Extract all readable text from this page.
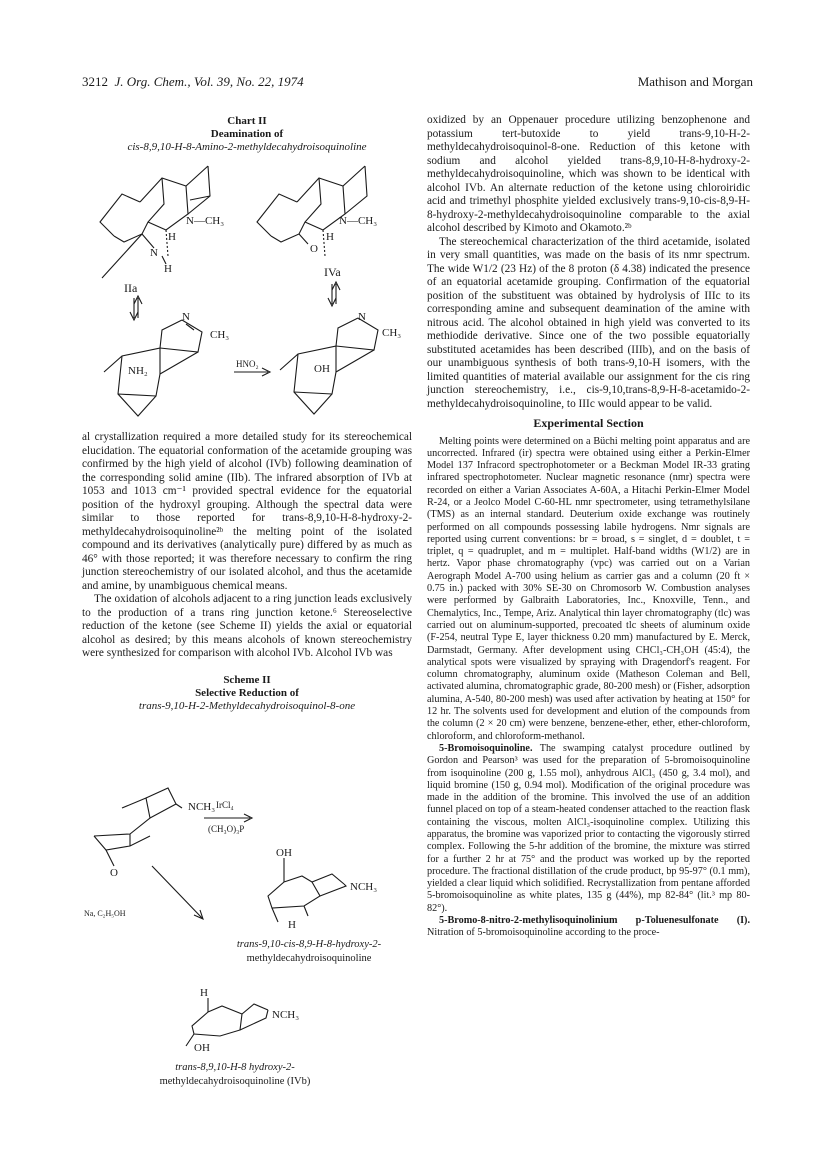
3212 J. Org. Chem., Vol. 39, No. 22, 1974	Mathison and Morgan
Chart II
Deamination of
cis-8,9,10-H-8-Amino-2-methyldecahydroisoquinoline
N—CH₃
H
N
H
IIa
N—CH₃
H
O
IVa
N
CH₃
NH₂
HNO₂
N
CH₃
OH

al crystallization required a more detailed study for its stereochemical elucidation. The equatorial conformation of the acetamide grouping was confirmed by the high yield of alcohol (IVb) following deamination of the corresponding solid amine (IIb). The infrared absorption of IVb at 1053 and 1013 cm⁻¹ provided spectral evidence for the equatorial position of the hydroxyl grouping. Although the spectral data were similar to those reported for trans-8,9,10-H-8-hydroxy-2-methyldecahydroisoquinoline²ᵇ the melting point of the isolated compound and its derivatives (analytically pure) differed by as much as 46° with those reported; it was therefore necessary to confirm the ring junction stereochemistry of our isolated alcohol, and thus the acetamide and amine, by unambiguous chemical means.

The oxidation of alcohols adjacent to a ring junction leads exclusively to the production of a trans ring junction ketone.⁶ Stereoselective reduction of the ketone (see Scheme II) yields the axial or equatorial alcohol as desired; by this means alcohols of known stereochemistry were synthesized for comparison with alcohol IVb. Alcohol IVb was

Scheme II
Selective Reduction of
trans-9,10-H-2-Methyldecahydroisoquinol-8-one
NCH₃
O
IrCl₄
(CH₃O)₃P
OH
NCH₃
H
Na, C₂H₅OH
H
NCH₃
OH
trans-9,10-cis-8,9-H-8-hydroxy-2-
methyldecahydroisoquinoline
trans-8,9,10-H-8 hydroxy-2-
methyldecahydroisoquinoline (IVb)

oxidized by an Oppenauer procedure utilizing benzophenone and potassium tert-butoxide to yield trans-9,10-H-2-methyldecahydroisoquinol-8-one. Reduction of this ketone with sodium and alcohol yielded trans-8,9,10-H-8-hydroxy-2-methyldecahydroisoquinoline, which was shown to be identical with alcohol IVb. An alternate reduction of the ketone using chloroiridic acid and trimethyl phosphite yielded exclusively trans-9,10-cis-8,9-H-8-hydroxy-2-methyldecahydroisoquinoline comparable to the axial alcohol described by Kimoto and Okamoto.²ᵇ

The stereochemical characterization of the third acetamide, isolated in very small quantities, was made on the basis of its nmr spectrum. The wide W1/2 (23 Hz) of the 8 proton (δ 4.38) indicated the presence of an equatorial acetamide grouping. Confirmation of the equatorial position of the substituent was obtained by hydrolysis of IIIc to its corresponding amine and subsequent deamination of the amine with nitrous acid. The alcohol obtained in high yield was converted to its methiodide derivative. Since one of the two possible equatorially substituted acetamides has been described (IIIb), and on the basis of our unambiguous synthesis of both trans-9,10-H isomers, with the limited quantities of material available our assignment for the cis ring junction stereochemistry, i.e., cis-9,10,trans-8,9-H-8-acetamido-2-methyldecahydroisoquinoline, to IIIc would appear to be valid.

Experimental Section

Melting points were determined on a Büchi melting point apparatus and are uncorrected. Infrared (ir) spectra were obtained using either a Perkin-Elmer Model 137 Infracord spectrophotometer or a Beckman Model IR-33 grating infrared spectrophotometer. Nuclear magnetic resonance (nmr) spectra were recorded on either a Varian Associates A-60A, a Hitachi Perkin-Elmer Model R-24, or a Jeolco Model C-60-HL nmr spectrometer, using tetramethylsilane (TMS) as an internal standard. Deuterium oxide exchange was routinely performed on all compounds possessing labile hydrogens. Nmr signals are reported using current conventions: br = broad, s = singlet, d = doublet, t = triplet, q = quadruplet, and m = multiplet. Half-band widths (W1/2) are in hertz. Vapor phase chromatography (vpc) was carried out on a Varian Aerograph Model A-700 using helium as carrier gas and a column (20 ft × 0.75 in.) packed with 30% SE-30 on Chromosorb W. Combustion analyses were performed by Galbraith Laboratories, Inc., Knoxville, Tenn., and Chemalytics, Inc., Tempe, Ariz. Analytical thin layer chromatography (tlc) was carried out on aluminum-supported, precoated tlc sheets of aluminum oxide (F-254, neutral Type E, layer thickness 0.20 mm) manufactured by E. Merck, Darmstadt, Germany. After development using CHCl₃-CH₃OH (45:4), the analytical spots were visualized by spraying with Dragendorf's reagent. For column chromatography, aluminum oxide (Matheson Coleman and Bell, activated alumina, chromatographic grade, 80-200 mesh) or (Fisher, adsorption alumina, A-540, 80-200 mesh) was used after activation by heating at 150° for 12 hr. The solvents used for development and elution of the compounds from the column (2 × 20 cm) were benzene, benzene-ether, ether, ether-chloroform, chloroform, and chloroform-methanol.

5-Bromoisoquinoline. The swamping catalyst procedure outlined by Gordon and Pearson³ was used for the preparation of 5-bromoisoquinoline from isoquinoline (200 g, 1.55 mol), anhydrous AlCl₃ (450 g, 3.4 mol), and liquid bromine (150 g, 0.94 mol). Modification of the original procedure was made in the addition of the bromine. This involved the use of an addition funnel placed on top of a steam-heated condenser attached to the reaction flask containing the viscous, molten AlCl₃-isoquinoline complex. Utilizing this apparatus, the bromine was vaporized prior to contacting the vigorously stirred complex. Following the 5-hr addition of the bromine, the mixture was stirred for a further 2 hr at 75° and the product was worked up by the reported procedure. The fractional distillation of the crude product, bp 95-97° (0.1 mm), yielded a clear liquid which solidified. Recrystallization from pentane afforded 5-bromoisoquinoline as white plates, 135 g (44%), mp 82-84° (lit.³ mp 80-82°).

5-Bromo-8-nitro-2-methylisoquinolinium p-Toluenesulfonate (I). Nitration of 5-bromoisoquinoline according to the proce-
